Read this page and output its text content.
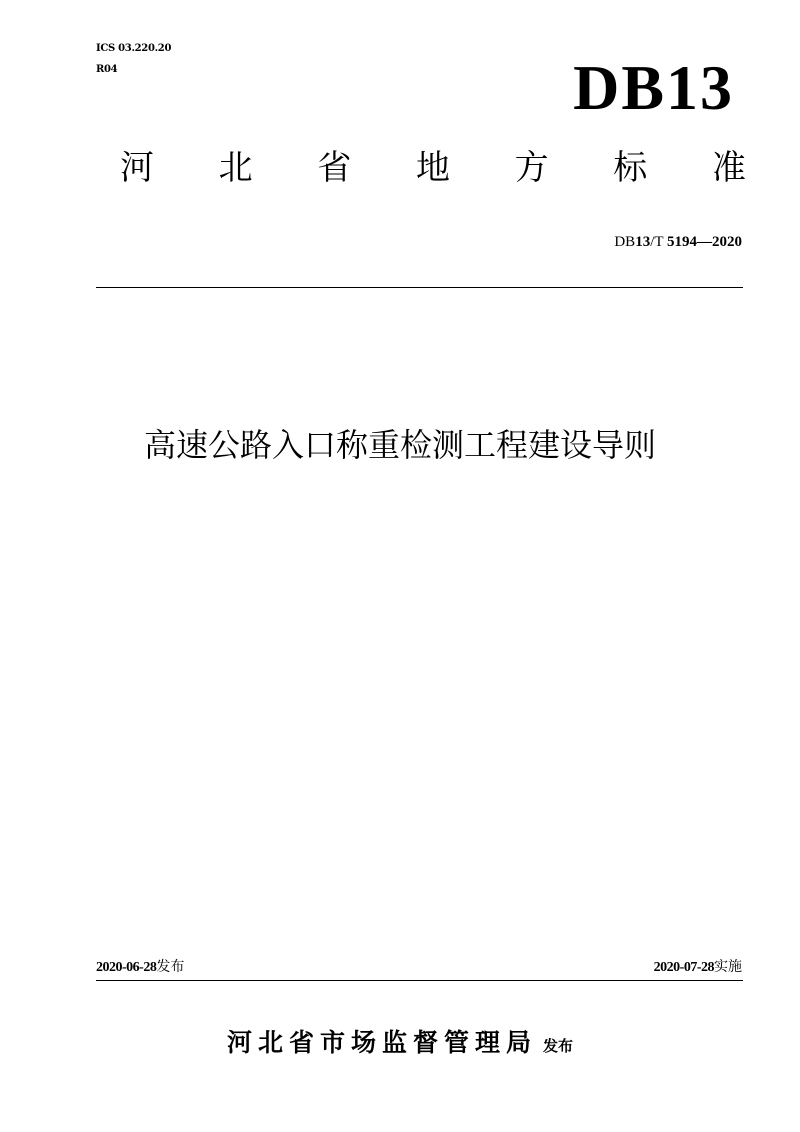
ICS 03.220.20
R04	DB13
河 北 省 地 方 标 准
DB13/T 5194—2020
高速公路入口称重检测工程建设导则
2020-06-28发布	2020-07-28实施
河北省市场监督管理局 发布
